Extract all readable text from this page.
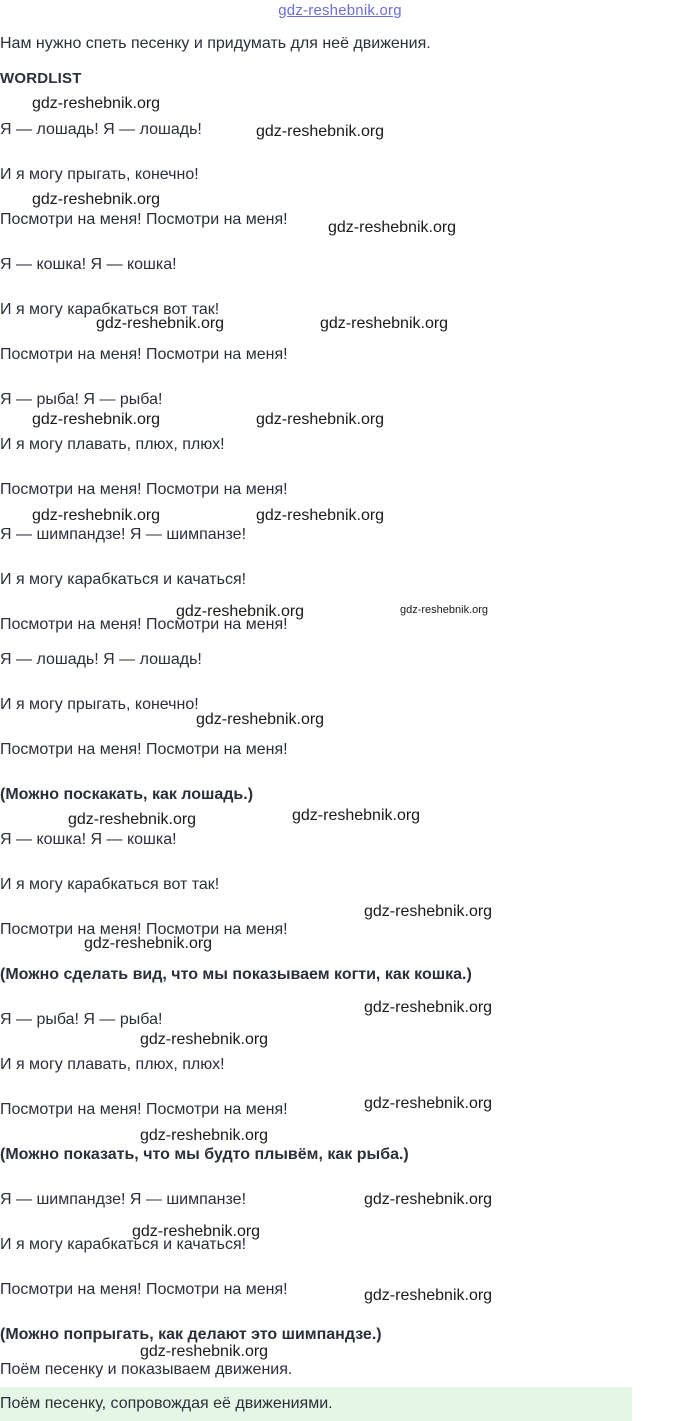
gdz-reshebnik.org
Нам нужно спеть песенку и придумать для неё движения.
WORDLIST
Я — лошадь! Я — лошадь!
И я могу прыгать, конечно!
Посмотри на меня! Посмотри на меня!
Я — кошка! Я — кошка!
И я могу карабкаться вот так!
Посмотри на меня! Посмотри на меня!
Я — рыба! Я — рыба!
И я могу плавать, плюх, плюх!
Посмотри на меня! Посмотри на меня!
Я — шимпандзе! Я — шимпанзе!
И я могу карабкаться и качаться!
Посмотри на меня! Посмотри на меня!
Я — лошадь! Я — лошадь!
И я могу прыгать, конечно!
Посмотри на меня! Посмотри на меня!
(Можно поскакать, как лошадь.)
Я — кошка! Я — кошка!
И я могу карабкаться вот так!
Посмотри на меня! Посмотри на меня!
(Можно сделать вид, что мы показываем когти, как кошка.)
Я — рыба! Я — рыба!
И я могу плавать, плюх, плюх!
Посмотри на меня! Посмотри на меня!
(Можно показать, что мы будто плывём, как рыба.)
Я — шимпандзе! Я — шимпанзе!
И я могу карабкаться и качаться!
Посмотри на меня! Посмотри на меня!
(Можно попрыгать, как делают это шимпандзе.)
Поём песенку и показываем движения.
Поём песенку, сопровождая её движениями.
gdz-reshebnik.org
gdz-reshebnik.org
gdz-reshebnik.org
gdz-reshebnik.org
gdz-reshebnik.org	gdz-reshebnik.org
gdz-reshebnik.org	gdz-reshebnik.org
gdz-reshebnik.org	gdz-reshebnik.org
gdz-reshebnik.org	gdz-reshebnik.org
gdz-reshebnik.org
gdz-reshebnik.org	gdz-reshebnik.org
gdz-reshebnik.org
gdz-reshebnik.org
gdz-reshebnik.org
gdz-reshebnik.org
gdz-reshebnik.org
gdz-reshebnik.org
gdz-reshebnik.org
gdz-reshebnik.org
gdz-reshebnik.org
gdz-reshebnik.org
